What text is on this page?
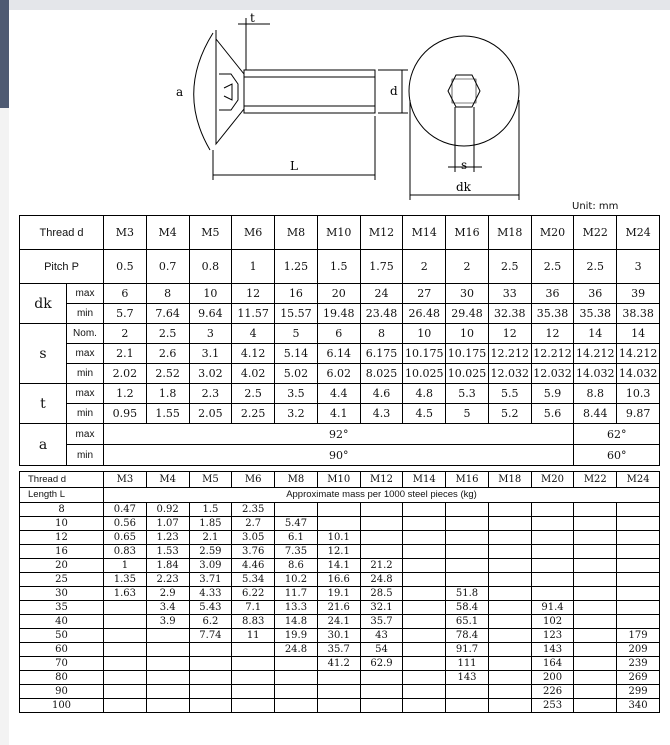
t
a	d
L	s
dk
Unit: mm
Thread d		M3	M4	M5	M6	M8	M10	M12	M14	M16	M18	M20	M22	M24
Pitch P		0.5	0.7	0.8	1	1.25	1.5	1.75	2	2	2.5	2.5	2.5	3
dk	max	6	8	10	12	16	20	24	27	30	33	36	36	39
	min	5.7	7.64	9.64	11.57	15.57	19.48	23.48	26.48	29.48	32.38	35.38	35.38	38.38
s	Nom.	2	2.5	3	4	5	6	8	10	10	12	12	14	14
	max	2.1	2.6	3.1	4.12	5.14	6.14	6.175	10.175	10.175	12.212	12.212	14.212	14.212
	min	2.02	2.52	3.02	4.02	5.02	6.02	8.025	10.025	10.025	12.032	12.032	14.032	14.032
t	max	1.2	1.8	2.3	2.5	3.5	4.4	4.6	4.8	5.3	5.5	5.9	8.8	10.3
	min	0.95	1.55	2.05	2.25	3.2	4.1	4.3	4.5	5	5.2	5.6	8.44	9.87
a	max	92°											62°	
	min	90°											60°	
Thread d	M3	M4	M5	M6	M8	M10	M12	M14	M16	M18	M20	M22	M24
Length L	Approximate mass per 1000 steel pieces (kg)												
8	0.47	0.92	1.5	2.35									
10	0.56	1.07	1.85	2.7	5.47								
12	0.65	1.23	2.1	3.05	6.1	10.1							
16	0.83	1.53	2.59	3.76	7.35	12.1							
20	1	1.84	3.09	4.46	8.6	14.1	21.2						
25	1.35	2.23	3.71	5.34	10.2	16.6	24.8						
30	1.63	2.9	4.33	6.22	11.7	19.1	28.5		51.8				
35		3.4	5.43	7.1	13.3	21.6	32.1		58.4		91.4		
40		3.9	6.2	8.83	14.8	24.1	35.7		65.1		102		
50			7.74	11	19.9	30.1	43		78.4		123		179
60					24.8	35.7	54		91.7		143		209
70						41.2	62.9		111		164		239
80									143		200		269
90											226		299
100											253		340
